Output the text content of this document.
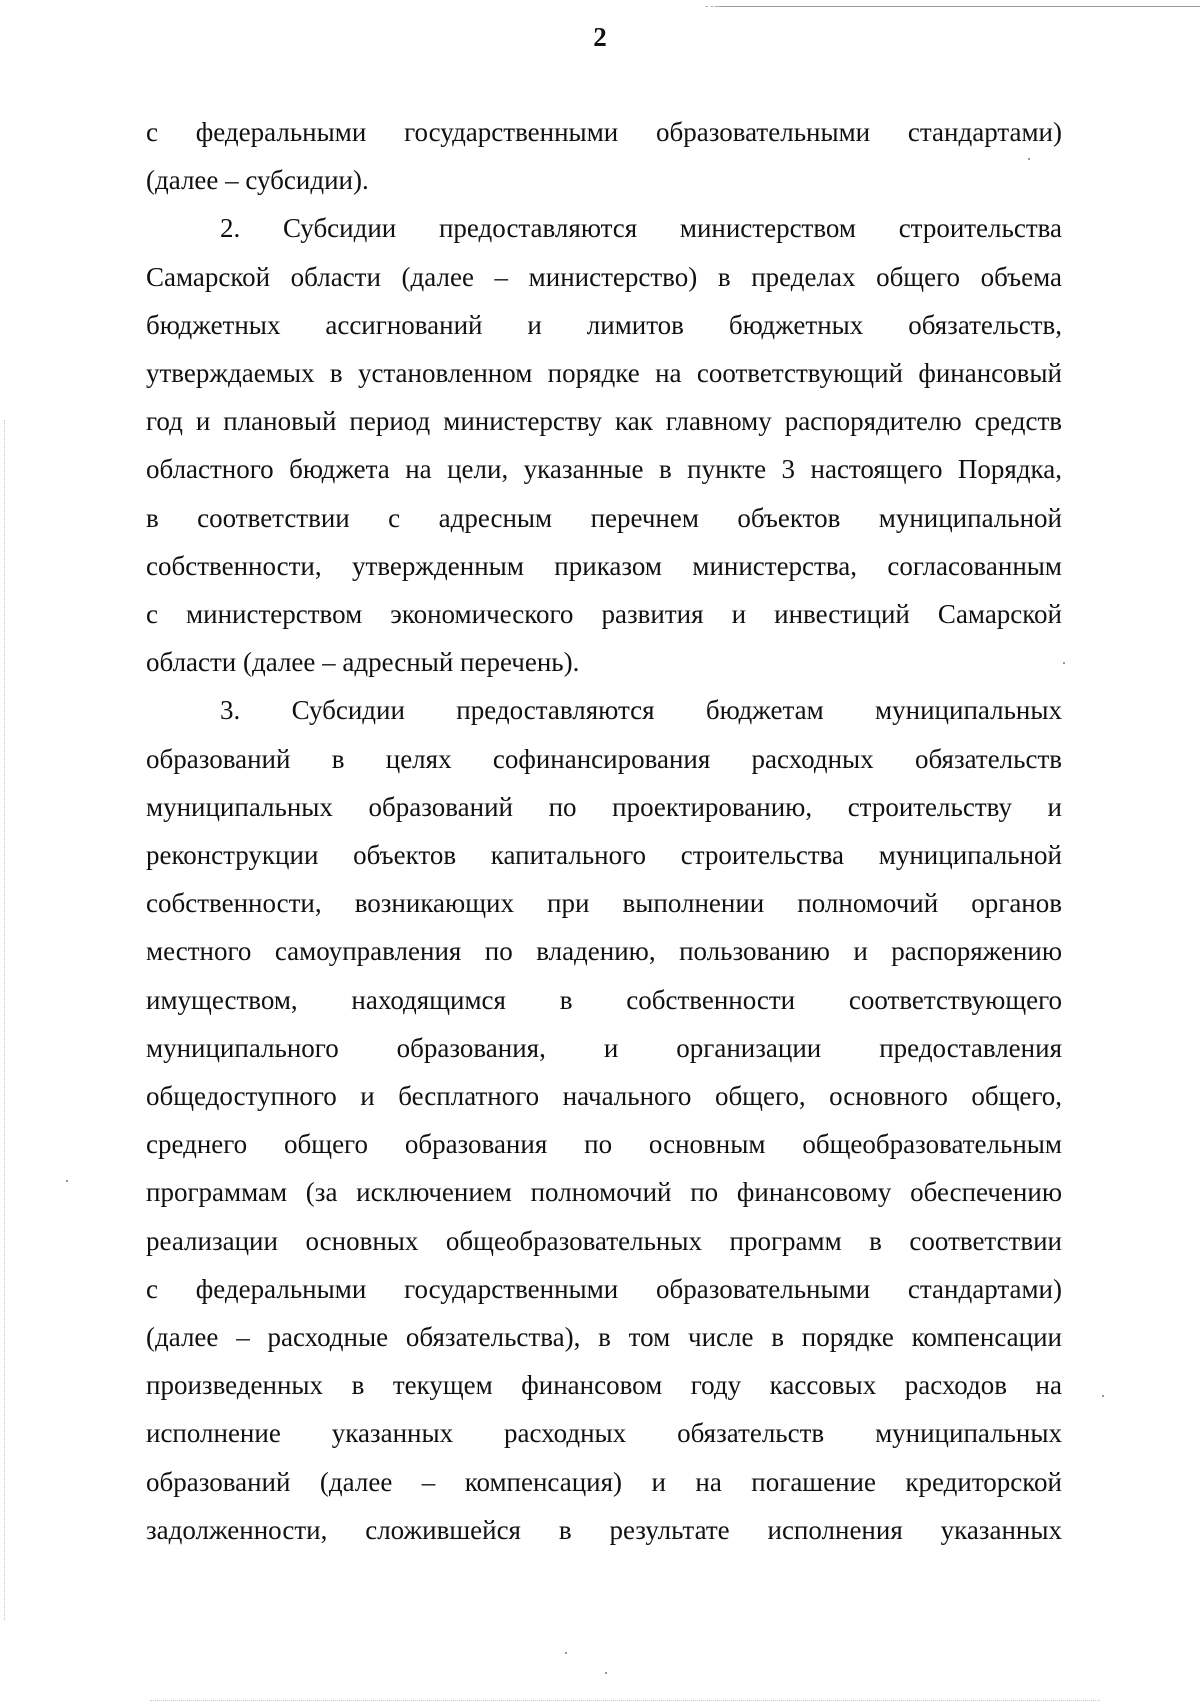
2

с федеральными государственными образовательными стандартами)

(далее – субсидии).

2. Субсидии предоставляются министерством строительства

Самарской области (далее – министерство) в пределах общего объема

бюджетных ассигнований и лимитов бюджетных обязательств,

утверждаемых в установленном порядке на соответствующий финансовый

год и плановый период министерству как главному распорядителю средств

областного бюджета на цели, указанные в пункте 3 настоящего Порядка,

в соответствии с адресным перечнем объектов муниципальной

собственности, утвержденным приказом министерства, согласованным

с министерством экономического развития и инвестиций Самарской

области (далее – адресный перечень).

3. Субсидии предоставляются бюджетам муниципальных

образований в целях софинансирования расходных обязательств

муниципальных образований по проектированию, строительству и

реконструкции объектов капитального строительства муниципальной

собственности, возникающих при выполнении полномочий органов

местного самоуправления по владению, пользованию и распоряжению

имуществом, находящимся в собственности соответствующего

муниципального образования, и организации предоставления

общедоступного и бесплатного начального общего, основного общего,

среднего общего образования по основным общеобразовательным

программам (за исключением полномочий по финансовому обеспечению

реализации основных общеобразовательных программ в соответствии

с федеральными государственными образовательными стандартами)

(далее – расходные обязательства), в том числе в порядке компенсации

произведенных в текущем финансовом году кассовых расходов на

исполнение указанных расходных обязательств муниципальных

образований (далее – компенсация) и на погашение кредиторской

задолженности, сложившейся в результате исполнения указанных
